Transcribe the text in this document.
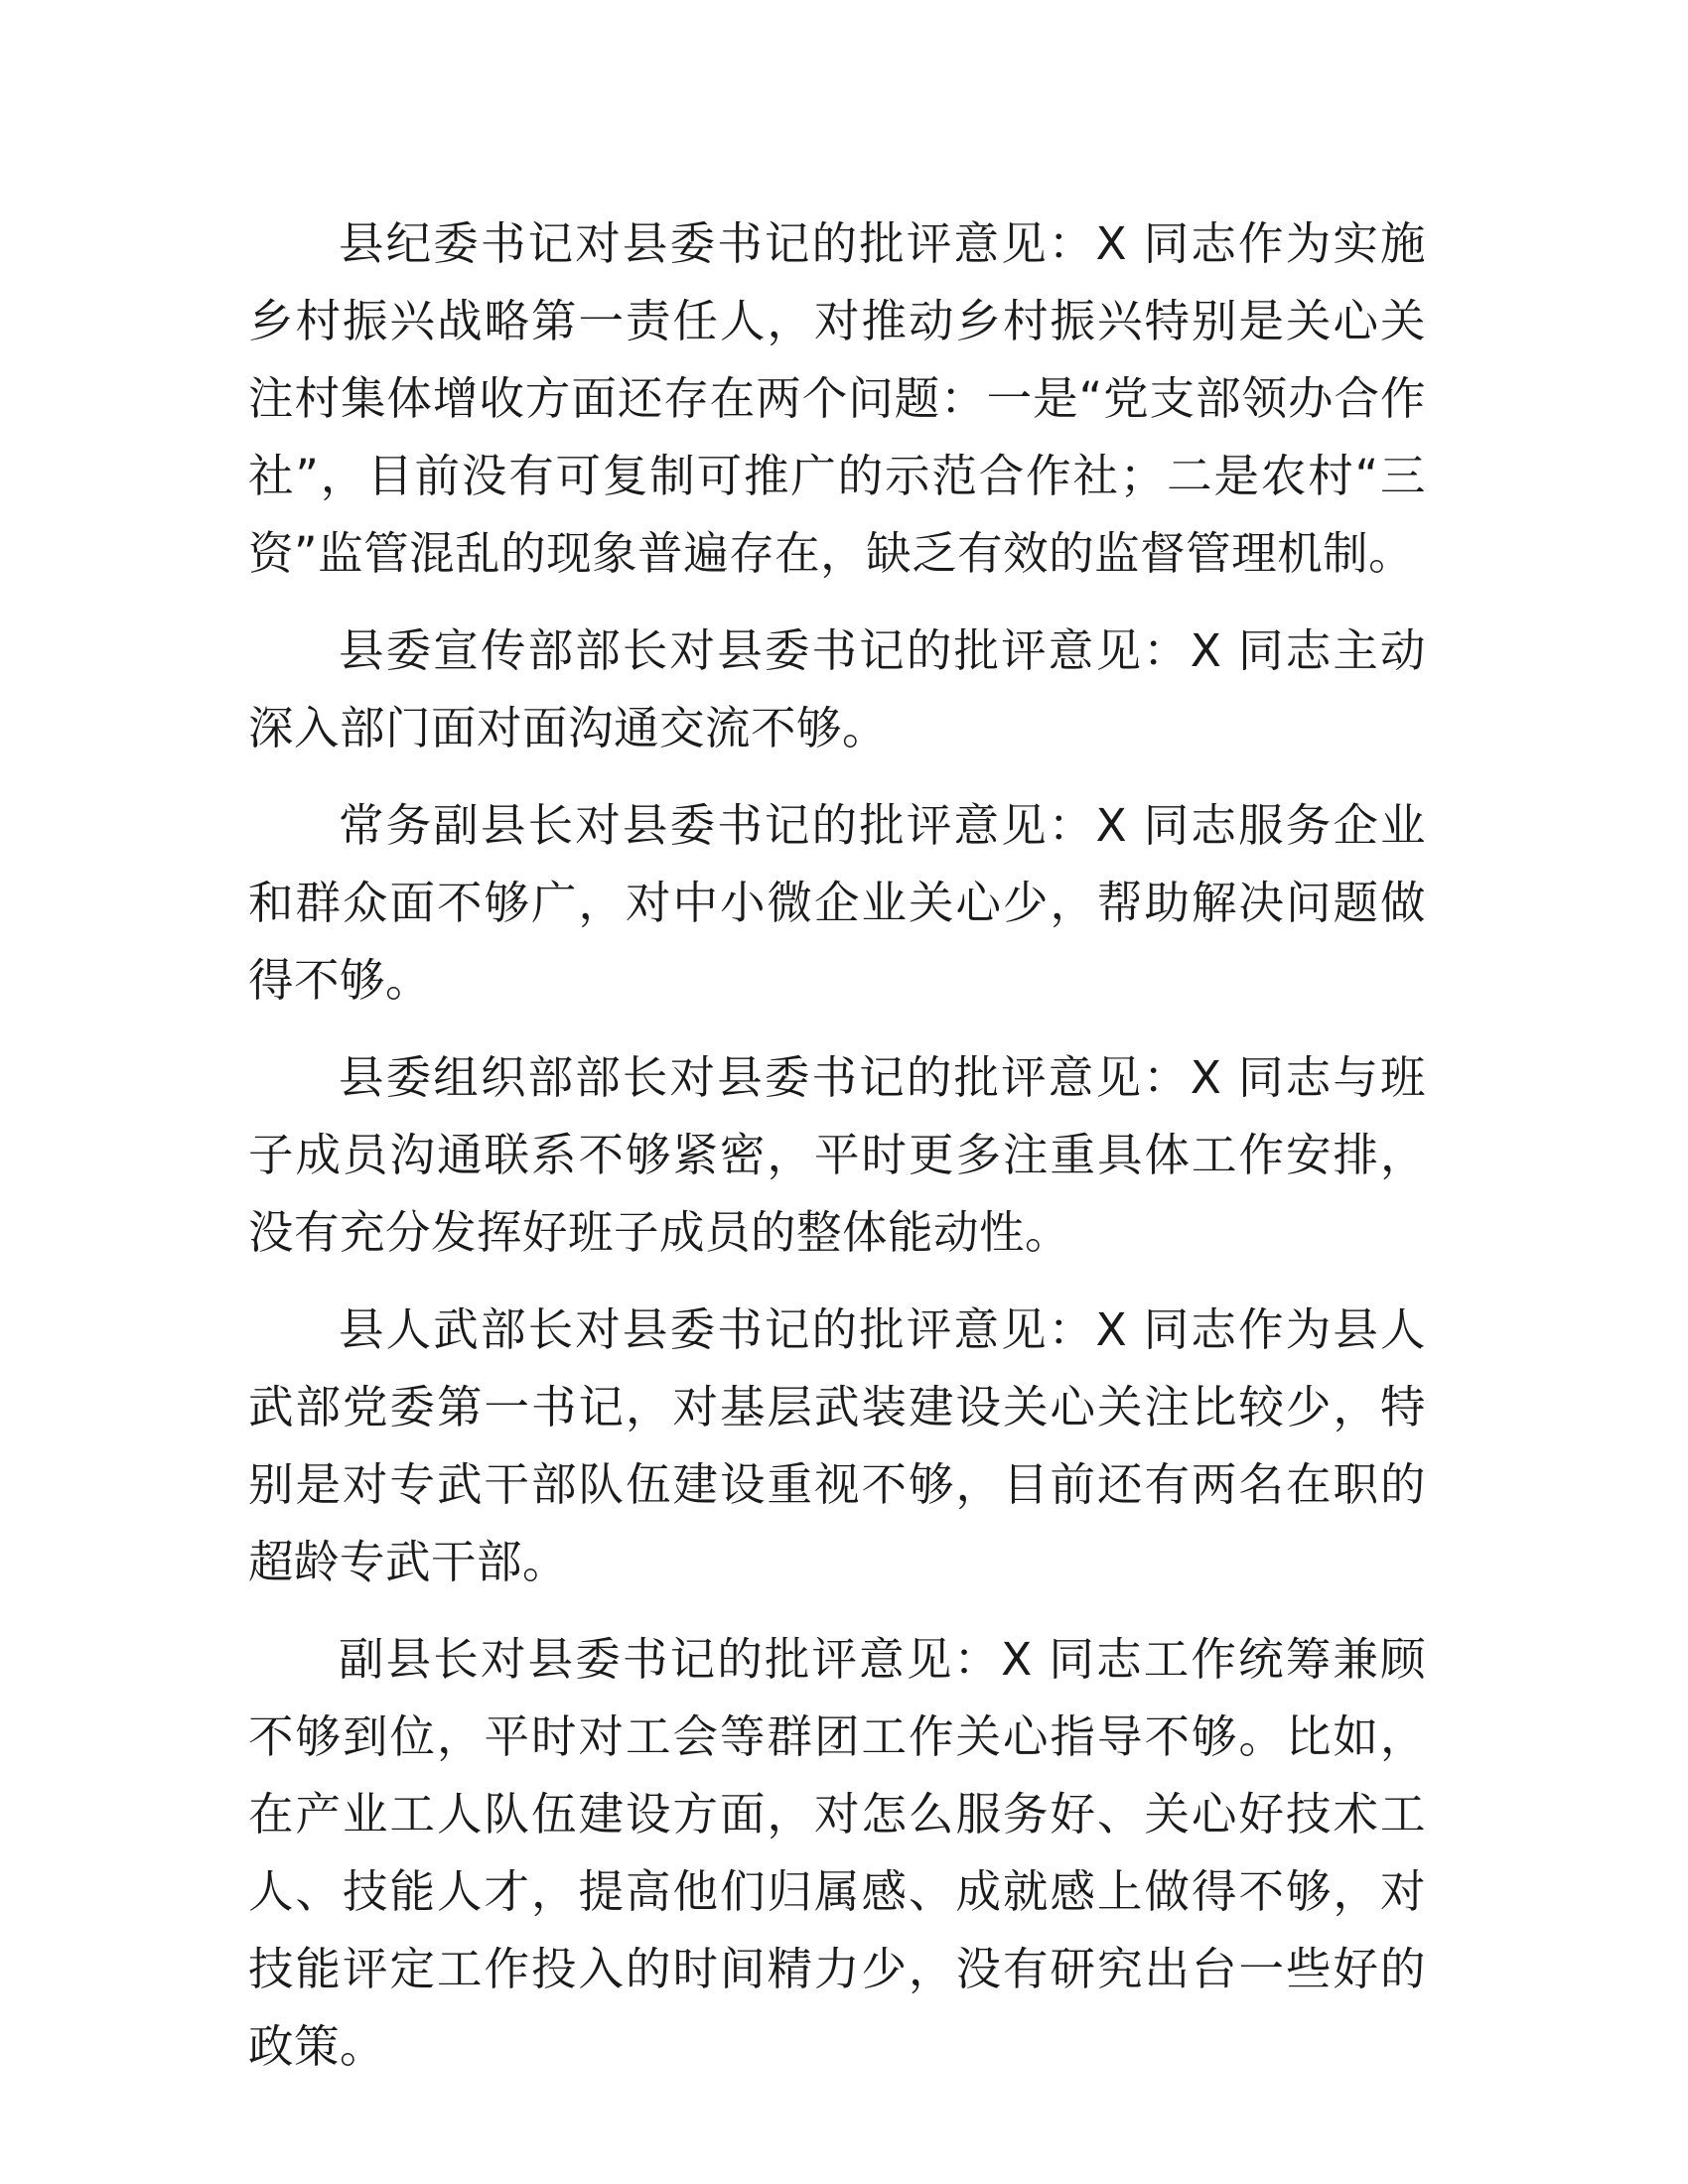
县纪委书记对县委书记的批评意见：X 同志作为实施乡村振兴战略第一责任人，对推动乡村振兴特别是关心关注村集体增收方面还存在两个问题：一是“党支部领办合作社”，目前没有可复制可推广的示范合作社；二是农村“三资”监管混乱的现象普遍存在，缺乏有效的监督管理机制。

县委宣传部部长对县委书记的批评意见：X 同志主动深入部门面对面沟通交流不够。

常务副县长对县委书记的批评意见：X 同志服务企业和群众面不够广，对中小微企业关心少，帮助解决问题做得不够。

县委组织部部长对县委书记的批评意见：X 同志与班子成员沟通联系不够紧密，平时更多注重具体工作安排，没有充分发挥好班子成员的整体能动性。

县人武部长对县委书记的批评意见：X 同志作为县人武部党委第一书记，对基层武装建设关心关注比较少，特别是对专武干部队伍建设重视不够，目前还有两名在职的超龄专武干部。

副县长对县委书记的批评意见：X 同志工作统筹兼顾不够到位，平时对工会等群团工作关心指导不够。比如，在产业工人队伍建设方面，对怎么服务好、关心好技术工人、技能人才，提高他们归属感、成就感上做得不够，对技能评定工作投入的时间精力少，没有研究出台一些好的政策。
